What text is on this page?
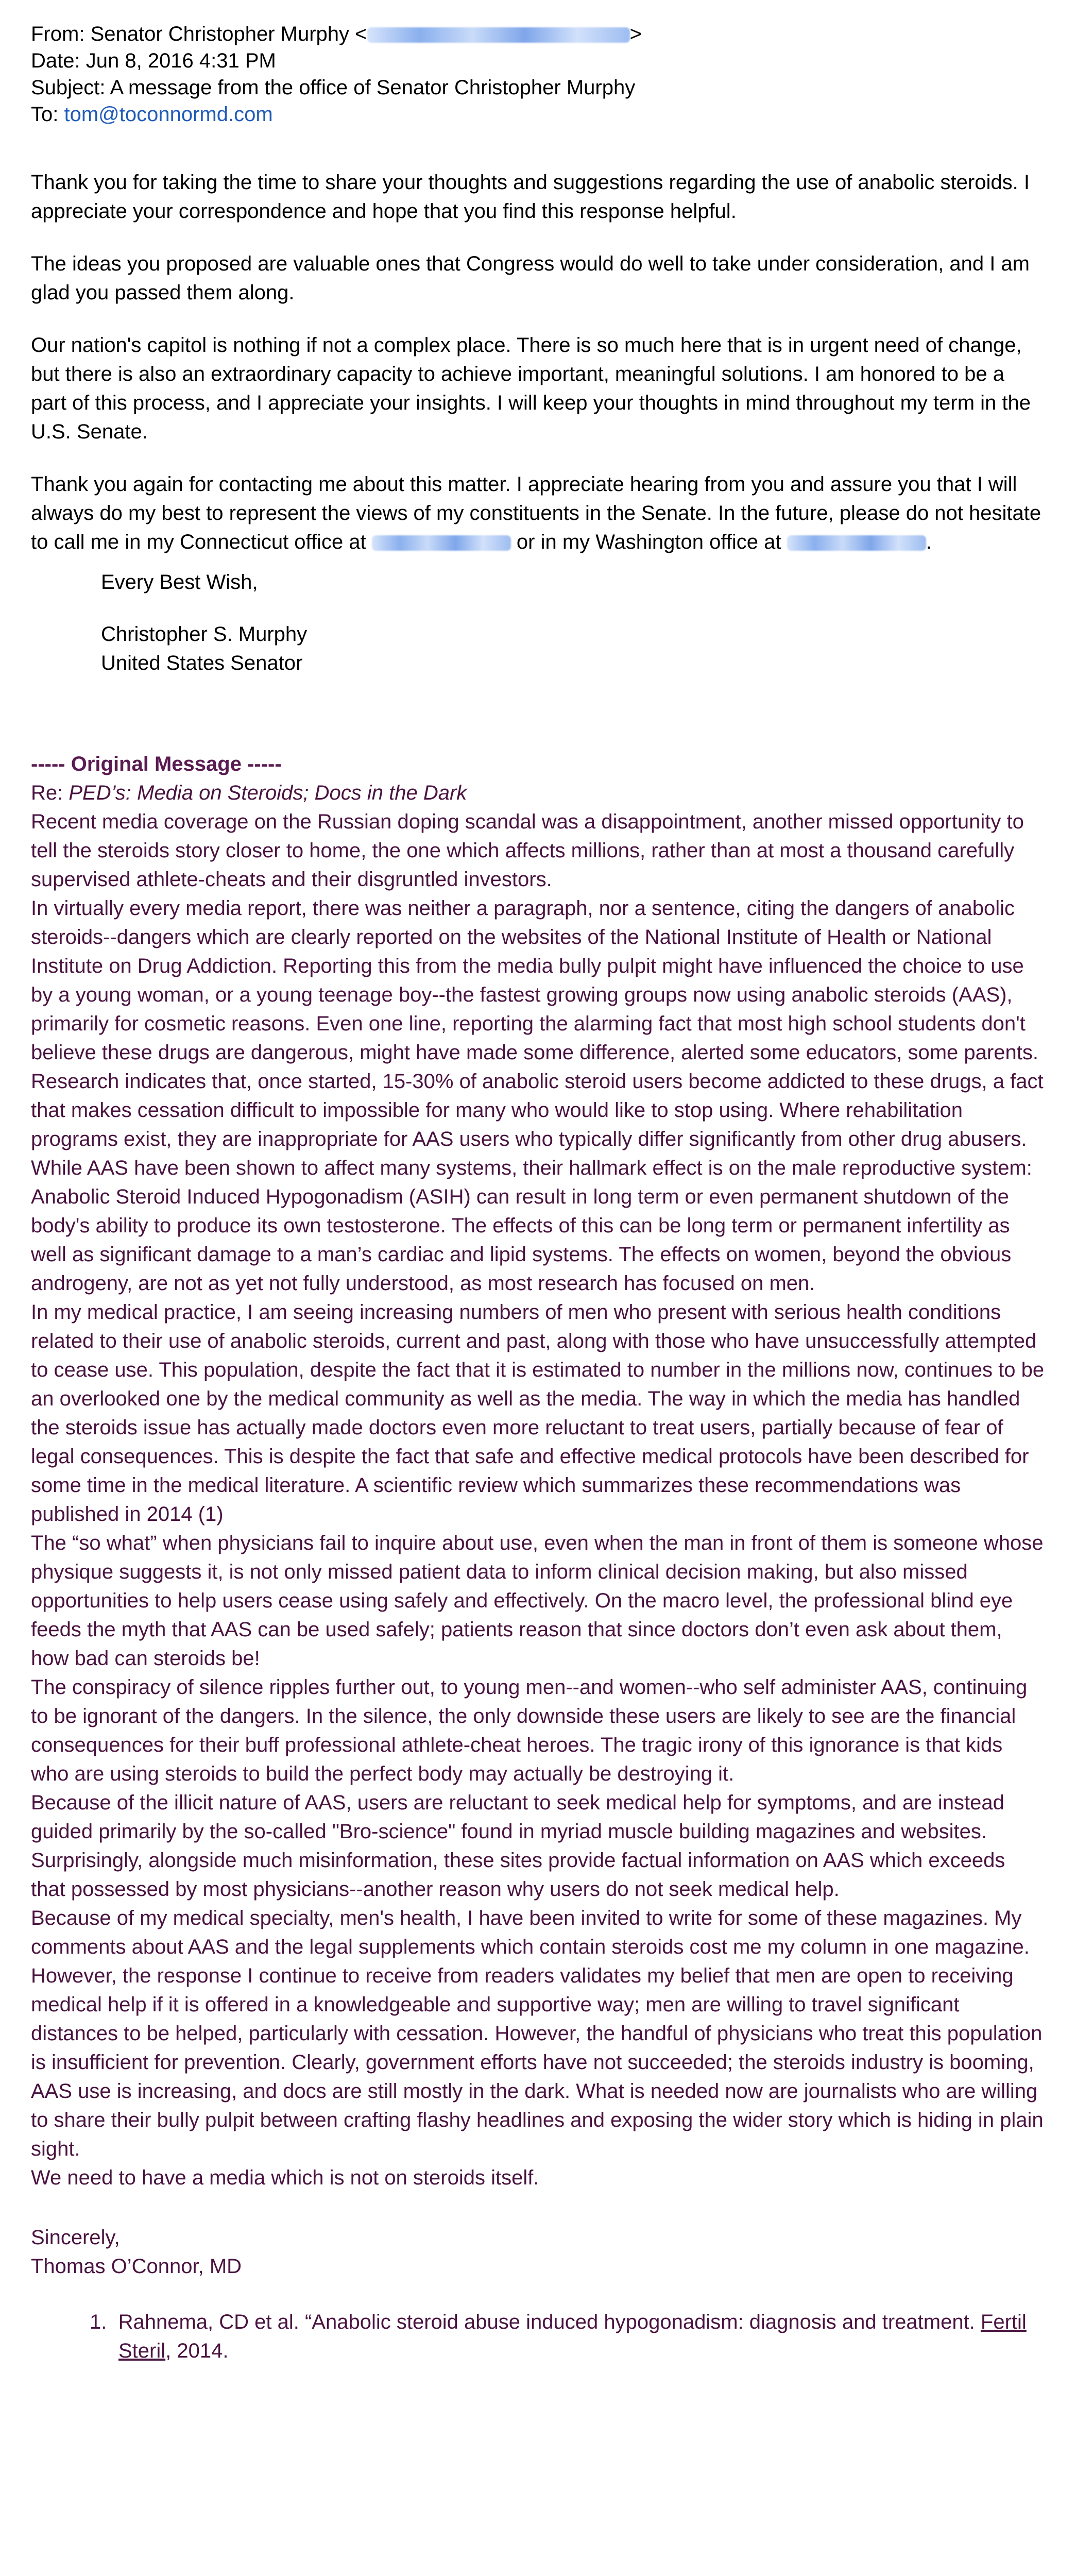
From: Senator Christopher Murphy <	>
Date: Jun 8, 2016 4:31 PM
Subject: A message from the office of Senator Christopher Murphy
To: tom@toconnormd.com

Thank you for taking the time to share your thoughts and suggestions regarding the use of anabolic steroids. I appreciate your correspondence and hope that you find this response helpful.

The ideas you proposed are valuable ones that Congress would do well to take under consideration, and I am glad you passed them along.

Our nation's capitol is nothing if not a complex place. There is so much here that is in urgent need of change, but there is also an extraordinary capacity to achieve important, meaningful solutions. I am honored to be a part of this process, and I appreciate your insights. I will keep your thoughts in mind throughout my term in the U.S. Senate.

Thank you again for contacting me about this matter. I appreciate hearing from you and assure you that I will always do my best to represent the views of my constituents in the Senate. In the future, please do not hesitate to call me in my Connecticut office at	or in my Washington office at	.

Every Best Wish,
Christopher S. Murphy
United States Senator
----- Original Message -----
Re: PED’s: Media on Steroids; Docs in the Dark

Recent media coverage on the Russian doping scandal was a disappointment, another missed opportunity to tell the steroids story closer to home, the one which affects millions, rather than at most a thousand carefully supervised athlete-cheats and their disgruntled investors.

In virtually every media report, there was neither a paragraph, nor a sentence, citing the dangers of anabolic steroids--dangers which are clearly reported on the websites of the National Institute of Health or National Institute on Drug Addiction. Reporting this from the media bully pulpit might have influenced the choice to use by a young woman, or a young teenage boy--the fastest growing groups now using anabolic steroids (AAS), primarily for cosmetic reasons. Even one line, reporting the alarming fact that most high school students don't believe these drugs are dangerous, might have made some difference, alerted some educators, some parents.

Research indicates that, once started, 15-30% of anabolic steroid users become addicted to these drugs, a fact that makes cessation difficult to impossible for many who would like to stop using. Where rehabilitation programs exist, they are inappropriate for AAS users who typically differ significantly from other drug abusers. While AAS have been shown to affect many systems, their hallmark effect is on the male reproductive system: Anabolic Steroid Induced Hypogonadism (ASIH) can result in long term or even permanent shutdown of the body's ability to produce its own testosterone. The effects of this can be long term or permanent infertility as well as significant damage to a man’s cardiac and lipid systems. The effects on women, beyond the obvious androgeny, are not as yet not fully understood, as most research has focused on men.

In my medical practice, I am seeing increasing numbers of men who present with serious health conditions related to their use of anabolic steroids, current and past, along with those who have unsuccessfully attempted to cease use. This population, despite the fact that it is estimated to number in the millions now, continues to be an overlooked one by the medical community as well as the media. The way in which the media has handled the steroids issue has actually made doctors even more reluctant to treat users, partially because of fear of legal consequences. This is despite the fact that safe and effective medical protocols have been described for some time in the medical literature. A scientific review which summarizes these recommendations was published in 2014 (1)

The “so what” when physicians fail to inquire about use, even when the man in front of them is someone whose physique suggests it, is not only missed patient data to inform clinical decision making, but also missed opportunities to help users cease using safely and effectively. On the macro level, the professional blind eye feeds the myth that AAS can be used safely; patients reason that since doctors don’t even ask about them, how bad can steroids be!

The conspiracy of silence ripples further out, to young men--and women--who self administer AAS, continuing to be ignorant of the dangers. In the silence, the only downside these users are likely to see are the financial consequences for their buff professional athlete-cheat heroes. The tragic irony of this ignorance is that kids who are using steroids to build the perfect body may actually be destroying it.

Because of the illicit nature of AAS, users are reluctant to seek medical help for symptoms, and are instead guided primarily by the so-called "Bro-science" found in myriad muscle building magazines and websites. Surprisingly, alongside much misinformation, these sites provide factual information on AAS which exceeds that possessed by most physicians--another reason why users do not seek medical help.

Because of my medical specialty, men's health, I have been invited to write for some of these magazines. My comments about AAS and the legal supplements which contain steroids cost me my column in one magazine. However, the response I continue to receive from readers validates my belief that men are open to receiving medical help if it is offered in a knowledgeable and supportive way; men are willing to travel significant distances to be helped, particularly with cessation. However, the handful of physicians who treat this population is insufficient for prevention. Clearly, government efforts have not succeeded; the steroids industry is booming, AAS use is increasing, and docs are still mostly in the dark. What is needed now are journalists who are willing to share their bully pulpit between crafting flashy headlines and exposing the wider story which is hiding in plain sight.

We need to have a media which is not on steroids itself.

Sincerely,
Thomas O’Connor, MD
1. Rahnema, CD et al. “Anabolic steroid abuse induced hypogonadism: diagnosis and treatment. Fertil Steril, 2014.
